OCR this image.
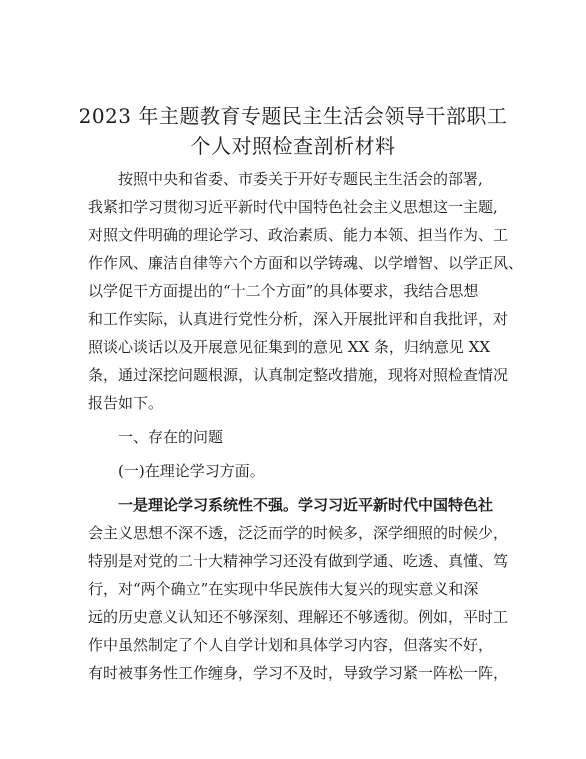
2023 年主题教育专题民主生活会领导干部职工
个人对照检查剖析材料
　　按照中央和省委、市委关于开好专题民主生活会的部署,
我紧扣学习贯彻习近平新时代中国特色社会主义思想这一主题,
对照文件明确的理论学习、政治素质、能力本领、担当作为、工
作作风、廉洁自律等六个方面和以学铸魂、以学增智、以学正风、
以学促干方面提出的“十二个方面”的具体要求，我结合思想
和工作实际，认真进行党性分析，深入开展批评和自我批评，对
照谈心谈话以及开展意见征集到的意见 XX 条，归纳意见 XX
条，通过深挖问题根源，认真制定整改措施，现将对照检查情况
报告如下。
　　一、存在的问题
　　(一)在理论学习方面。
　　一是理论学习系统性不强。学习习近平新时代中国特色社
会主义思想不深不透，泛泛而学的时候多，深学细照的时候少，
特别是对党的二十大精神学习还没有做到学通、吃透、真懂、笃
行，对“两个确立”在实现中华民族伟大复兴的现实意义和深
远的历史意义认知还不够深刻、理解还不够透彻。例如，平时工
作中虽然制定了个人自学计划和具体学习内容，但落实不好，
有时被事务性工作缠身，学习不及时，导致学习紧一阵松一阵，
